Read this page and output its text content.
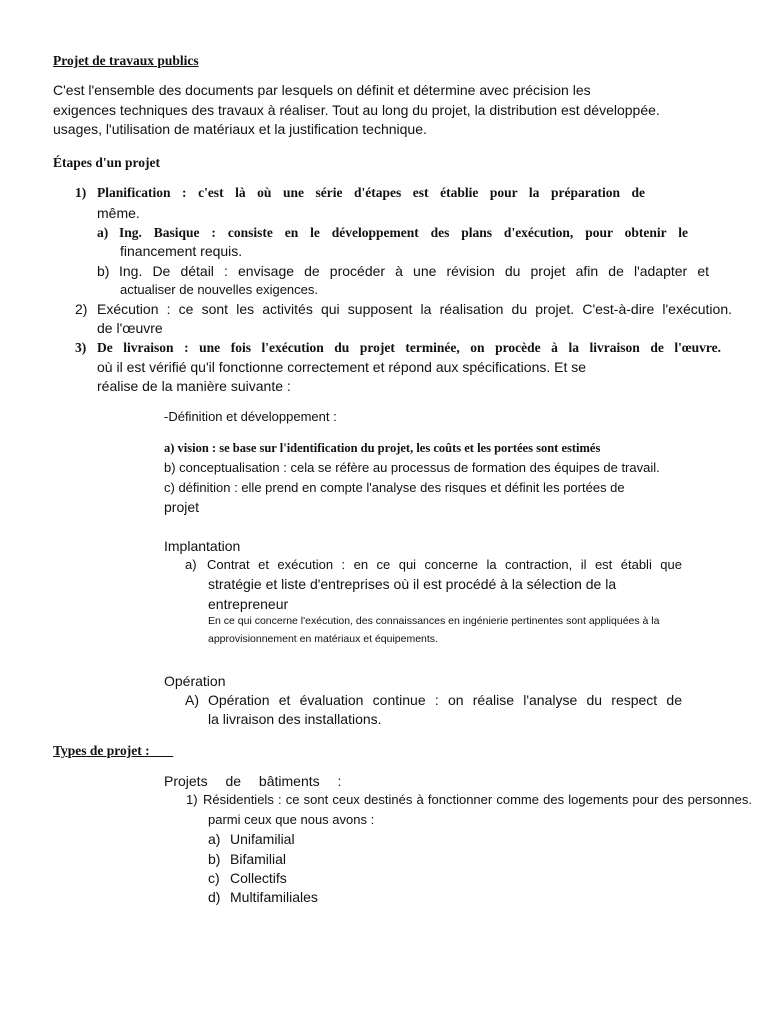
Projet de travaux publics
C'est l'ensemble des documents par lesquels on définit et détermine avec précision les
exigences techniques des travaux à réaliser. Tout au long du projet, la distribution est développée.
usages, l'utilisation de matériaux et la justification technique.
Étapes d'un projet
1) Planification : c'est là où une série d'étapes est établie pour la préparation de
même.
a) Ing. Basique : consiste en le développement des plans d'exécution, pour obtenir le
financement requis.
b) Ing. De détail : envisage de procéder à une révision du projet afin de l'adapter et
actualiser de nouvelles exigences.
2) Exécution : ce sont les activités qui supposent la réalisation du projet. C'est-à-dire l'exécution.
de l'œuvre
3) De livraison : une fois l'exécution du projet terminée, on procède à la livraison de l'œuvre.
où il est vérifié qu'il fonctionne correctement et répond aux spécifications. Et se
réalise de la manière suivante :
-Définition et développement :
a) vision : se base sur l'identification du projet, les coûts et les portées sont estimés
b) conceptualisation : cela se réfère au processus de formation des équipes de travail.
c) définition : elle prend en compte l'analyse des risques et définit les portées de
projet
Implantation
a) Contrat et exécution : en ce qui concerne la contraction, il est établi que
stratégie et liste d'entreprises où il est procédé à la sélection de la
entrepreneur
En ce qui concerne l'exécution, des connaissances en ingénierie pertinentes sont appliquées à la
approvisionnement en matériaux et équipements.
Opération
A) Opération et évaluation continue : on réalise l'analyse du respect de
la livraison des installations.
Types de projet :
Projets de bâtiments :
1) Résidentiels : ce sont ceux destinés à fonctionner comme des logements pour des personnes.
parmi ceux que nous avons :
a) Unifamilial
b) Bifamilial
c) Collectifs
d) Multifamiliales
